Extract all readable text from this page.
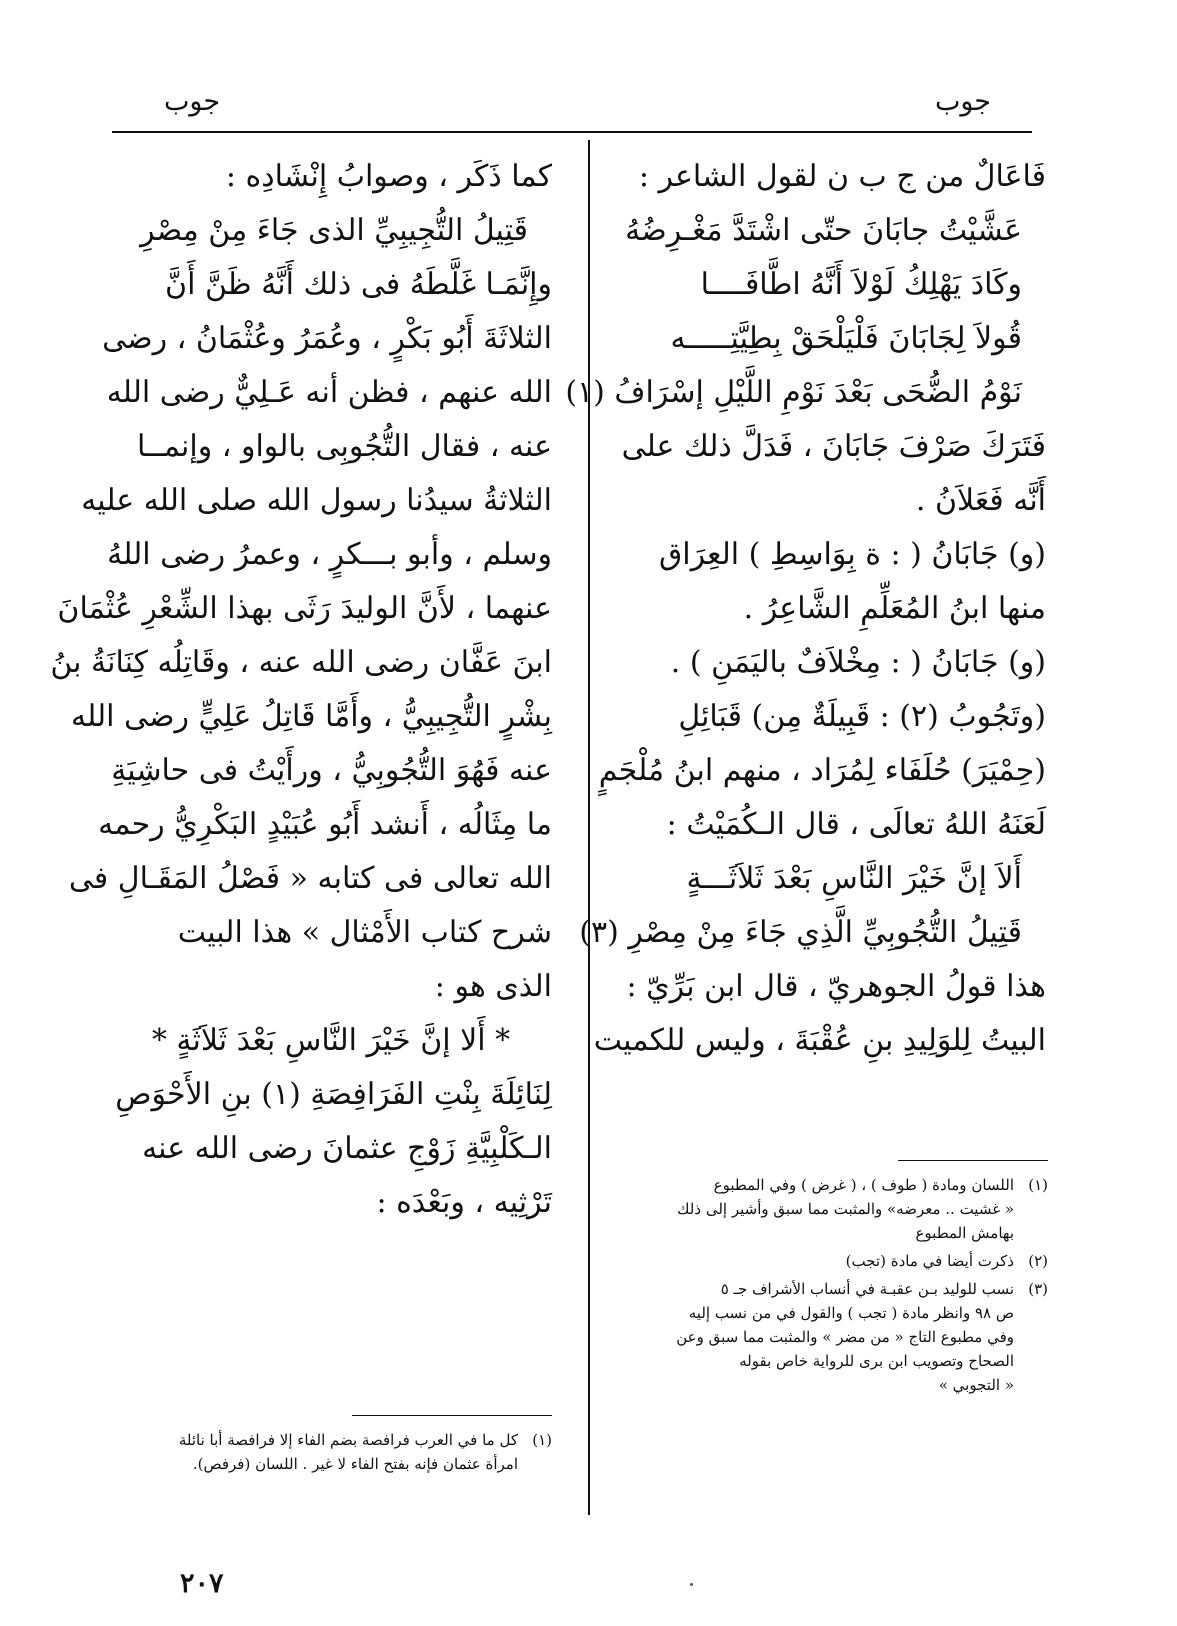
جوب
جوب
فَاعَالٌ من ج ب ن لقول الشاعر :
عَشَّيْتُ جابَانَ حتّى اشْتَدَّ مَغْـرِضُهُ
وكَادَ يَهْلِكُ لَوْلاَ أَنَّهُ اطَّافَــــا
قُولاَ لِجَابَانَ فَلْيَلْحَقْ بِطِيَّتِـــــه
نَوْمُ الضُّحَى بَعْدَ نَوْمِ اللَّيْلِ إسْرَافُ (١)
فَتَرَكَ صَرْفَ جَابَانَ ، فَدَلَّ ذلك على
أَنَّه فَعَلاَنُ .
(و) جَابَانُ ( : ة بِوَاسِطِ ) العِرَاق
منها ابنُ المُعَلِّمِ الشَّاعِرُ .
(و) جَابَانُ ( : مِخْلاَفٌ باليَمَنِ ) .
(وتَجُوبُ (٢) : قَبِيلَةٌ مِن) قَبَائِلِ
(حِمْيَرَ) حُلَفَاء لِمُرَاد ، منهم ابنُ مُلْجَمٍ
لَعَنَهُ اللهُ تعالَى ، قال الـكُمَيْتُ :
أَلاَ إنَّ خَيْرَ النَّاسِ بَعْدَ ثَلاَثَـــةٍ
قَتِيلُ التُّجُوبِيِّ الَّذِي جَاءَ مِنْ مِصْرِ (٣)
هذا قولُ الجوهريّ ، قال ابن بَرِّيّ :
البيتُ لِلوَلِيدِ بنِ عُقْبَةَ ، وليس للكميت
كما ذَكَر ، وصوابُ إِنْشَادِه :
قَتِيلُ التُّجِيبِيِّ الذى جَاءَ مِنْ مِصْرِ
وإِنَّمَـا غَلَّطَهُ فى ذلك أَنَّهُ ظَنَّ أَنَّ
الثلاثَةَ أَبُو بَكْرٍ ، وعُمَرُ وعُثْمَانُ ، رضى
الله عنهم ، فظن أنه عَـلِيٌّ رضى الله
عنه ، فقال التُّجُوبِى بالواو ، وإنمــا
الثلاثةُ سيدُنا رسول الله صلى الله عليه
وسلم ، وأبو بـــكرٍ ، وعمرُ رضى اللهُ
عنهما ، لأَنَّ الوليدَ رَثَى بهذا الشِّعْرِ عُثْمَانَ
ابنَ عَفَّان رضى الله عنه ، وقَاتِلُه كِنَانَةُ بنُ
بِشْرٍ التُّجِيبِيُّ ، وأَمَّا قَاتِلُ عَلِيٍّ رضى الله
عنه فَهُوَ التُّجُوبِيُّ ، ورأَيْتُ فى حاشِيَةِ
ما مِثَالُه ، أَنشد أَبُو عُبَيْدٍ البَكْرِيُّ رحمه
الله تعالى فى كتابه « فَصْلُ المَقَـالِ فى
شرح كتاب الأَمْثال » هذا البيت
الذى هو :
* أَلا إنَّ خَيْرَ النَّاسِ بَعْدَ ثَلاَثَةٍ *
لِنَائِلَةَ بِنْتِ الفَرَافِصَةِ (١) بنِ الأَحْوَصِ
الـكَلْبِيَّةِ زَوْجِ عثمانَ رضى الله عنه
تَرْثِيه ، وبَعْدَه :	(١)
اللسان ومادة ( طوف ) ، ( غرض ) وفي المطبوع
« غشيت .. معرضه» والمثبت مما سبق وأشير إلى ذلك
بهامش المطبوع
(٢)
ذكرت أيضا في مادة (تجب)
(٣)
نسب للوليد بـن عقبـة في أنساب الأشراف جـ ٥
ص ٩٨ وانظر مادة ( تجب ) والقول في من نسب إليه
وفي مطبوع التاج « من مضر » والمثبت مما سبق وعن
الصحاح وتصويب ابن برى للرواية خاص بقوله
« التجوبي »
(١)
كل ما في العرب فرافصة بضم الفاء إلا فرافصة أبا نائلة
امرأة عثمان فإنه بفتح الفاء لا غير . اللسان (فرفص).
٢٠٧
